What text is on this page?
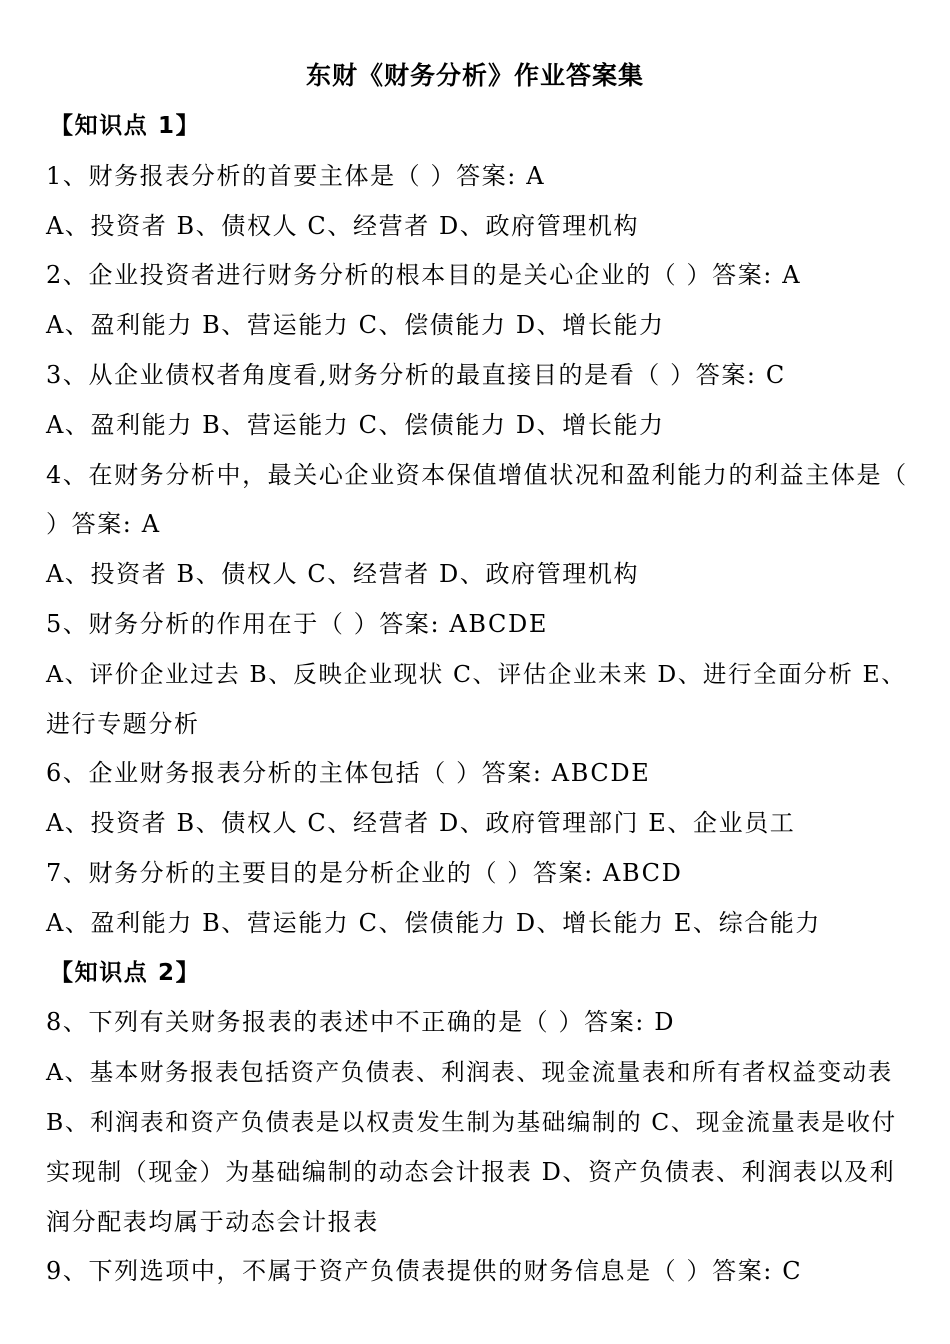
东财《财务分析》作业答案集
【知识点 1】
1、财务报表分析的首要主体是（ ）答案: A
A、投资者 B、债权人 C、经营者 D、政府管理机构
2、企业投资者进行财务分析的根本目的是关心企业的（ ）答案: A
A、盈利能力 B、营运能力 C、偿债能力 D、增长能力
3、从企业债权者角度看,财务分析的最直接目的是看（ ）答案: C
A、盈利能力 B、营运能力 C、偿债能力 D、增长能力
4、在财务分析中，最关心企业资本保值增值状况和盈利能力的利益主体是（
）答案: A
A、投资者 B、债权人 C、经营者 D、政府管理机构
5、财务分析的作用在于（ ）答案: ABCDE
A、评价企业过去 B、反映企业现状 C、评估企业未来 D、进行全面分析 E、
进行专题分析
6、企业财务报表分析的主体包括（ ）答案: ABCDE
A、投资者 B、债权人 C、经营者 D、政府管理部门 E、企业员工
7、财务分析的主要目的是分析企业的（ ）答案: ABCD
A、盈利能力 B、营运能力 C、偿债能力 D、增长能力 E、综合能力
【知识点 2】
8、下列有关财务报表的表述中不正确的是（ ）答案: D
A、基本财务报表包括资产负债表、利润表、现金流量表和所有者权益变动表
B、利润表和资产负债表是以权责发生制为基础编制的 C、现金流量表是收付
实现制（现金）为基础编制的动态会计报表 D、资产负债表、利润表以及利
润分配表均属于动态会计报表
9、下列选项中，不属于资产负债表提供的财务信息是（ ）答案: C
